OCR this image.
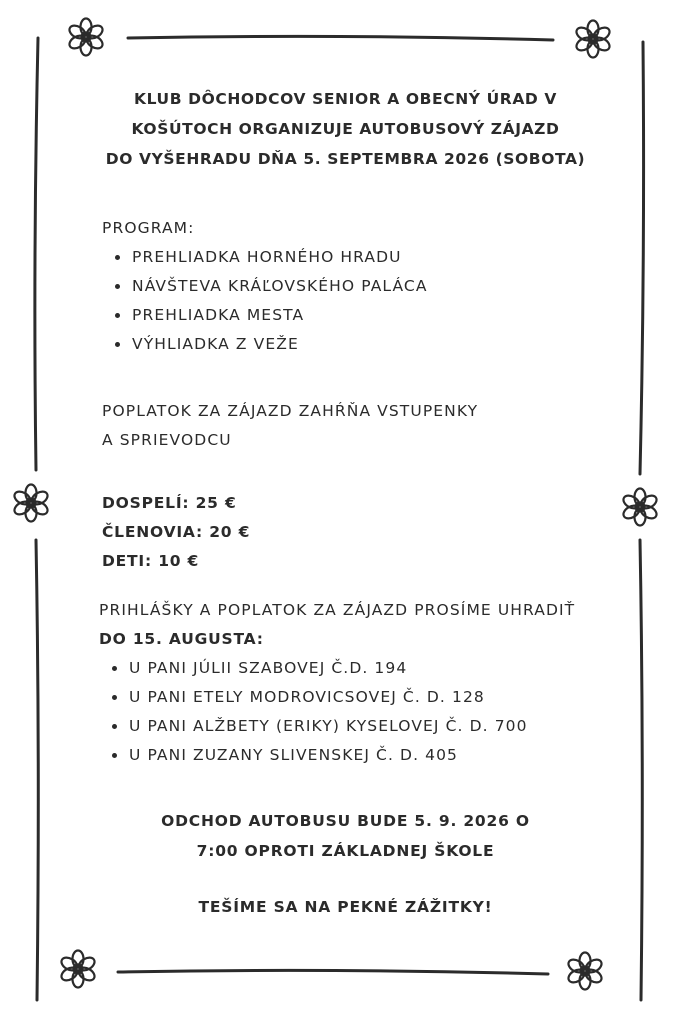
KLUB DÔCHODCOV SENIOR A OBECNÝ ÚRAD V
KOŠÚTOCH ORGANIZUJE AUTOBUSOVÝ ZÁJAZD
DO VYŠEHRADU DŇA 5. SEPTEMBRA 2026 (SOBOTA)
PROGRAM:
PREHLIADKA HORNÉHO HRADU
NÁVŠTEVA KRÁĽOVSKÉHO PALÁCA
PREHLIADKA MESTA
VÝHLIADKA Z VEŽE
POPLATOK ZA ZÁJAZD ZAHŔŇA VSTUPENKY
A SPRIEVODCU
DOSPELÍ: 25 €
ČLENOVIA: 20 €
DETI: 10 €
PRIHLÁŠKY A POPLATOK ZA ZÁJAZD PROSÍME UHRADIŤ
DO 15. AUGUSTA:
U PANI JÚLII SZABOVEJ Č.D. 194
U PANI ETELY MODROVICSOVEJ Č. D. 128
U PANI ALŽBETY (ERIKY) KYSELOVEJ Č. D. 700
U PANI ZUZANY SLIVENSKEJ Č. D. 405
ODCHOD AUTOBUSU BUDE 5. 9. 2026 O
7:00 OPROTI ZÁKLADNEJ ŠKOLE
TEŠÍME SA NA PEKNÉ ZÁŽITKY!
